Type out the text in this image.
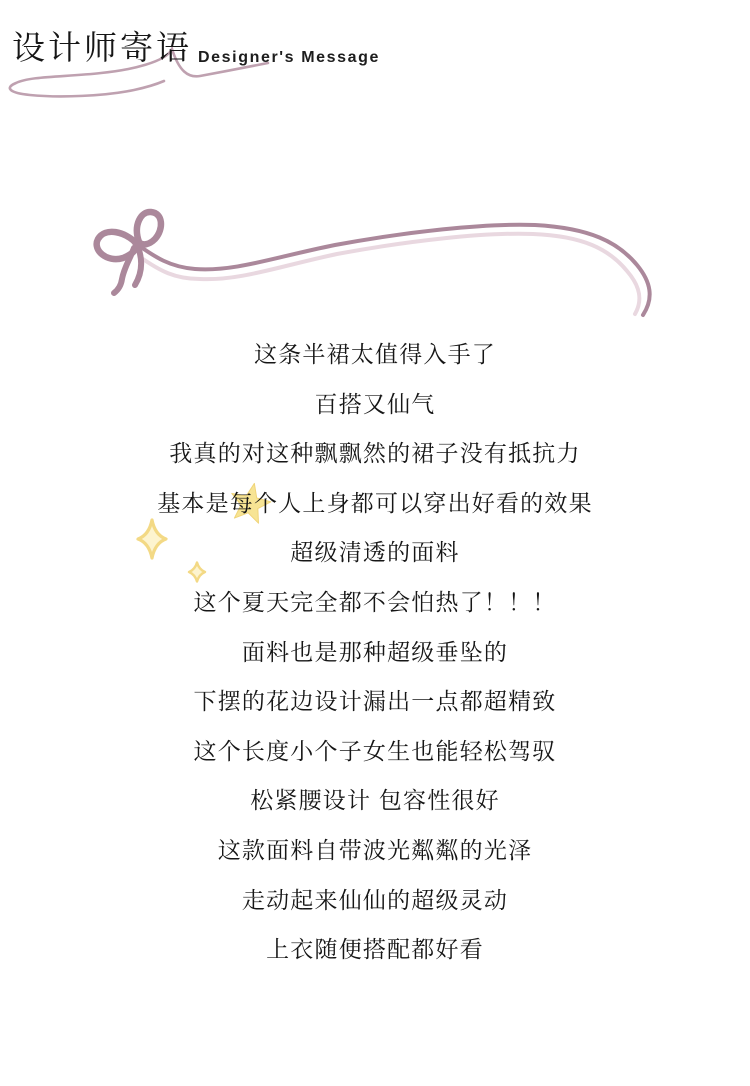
设计师寄语 Designer's Message

这条半裙太值得入手了

百搭又仙气

我真的对这种飘飘然的裙子没有抵抗力

基本是每个人上身都可以穿出好看的效果

超级清透的面料

这个夏天完全都不会怕热了！！！

面料也是那种超级垂坠的

下摆的花边设计漏出一点都超精致

这个长度小个子女生也能轻松驾驭

松紧腰设计 包容性很好

这款面料自带波光粼粼的光泽

走动起来仙仙的超级灵动

上衣随便搭配都好看
